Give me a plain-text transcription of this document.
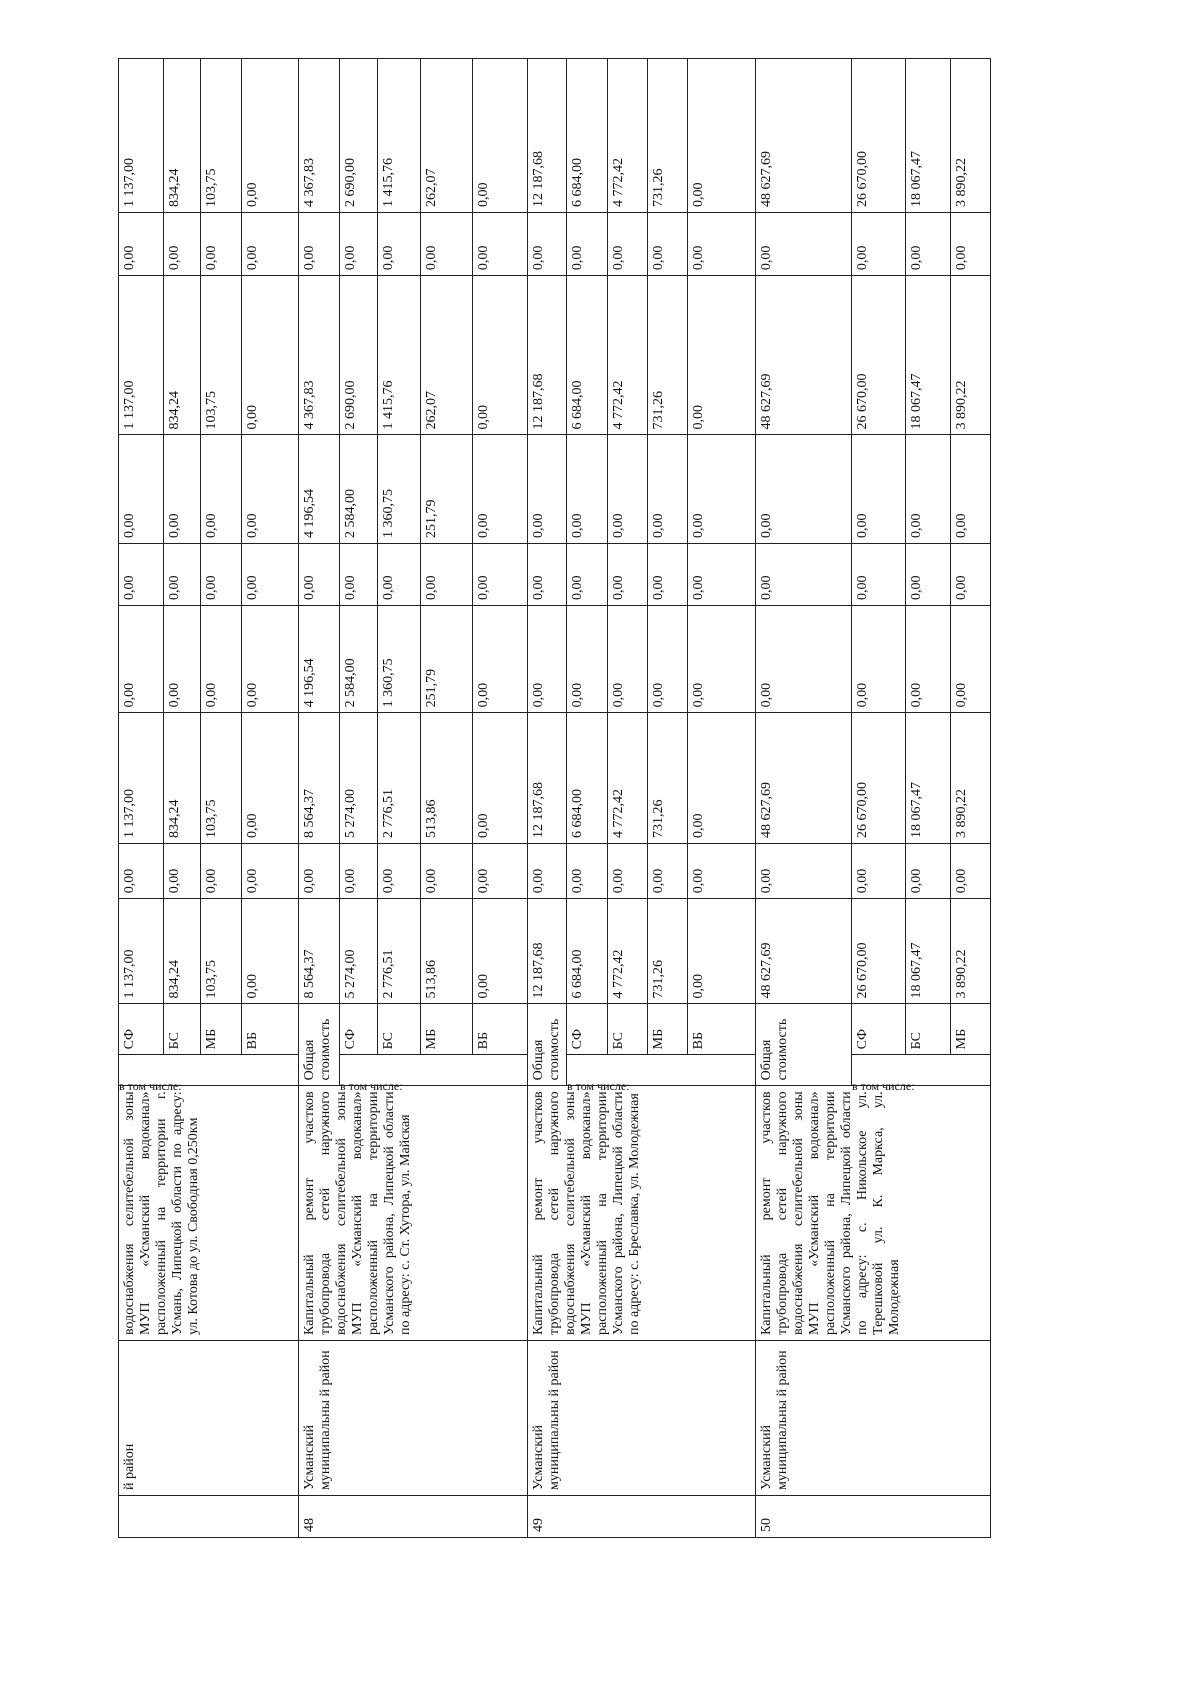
	й район	водоснабжения селитебельной зоны МУП «Усманский водоканал» расположенный на территории г. Усмань, Липецкой области по адресу: ул. Котова до ул. Свободная 0,250км	в том числе:	СФ	1 137,00	0,00	1 137,00	0,00	0,00	0,00	1 137,00	0,00	1 137,00
				БС	834,24	0,00	834,24	0,00	0,00	0,00	834,24	0,00	834,24
				МБ	103,75	0,00	103,75	0,00	0,00	0,00	103,75	0,00	103,75
				ВБ	0,00	0,00	0,00	0,00	0,00	0,00	0,00	0,00	0,00
48	Усманский муниципальны й район	Капитальный ремонт участков трубопровода сетей наружного водоснабжения селитебельной зоны МУП «Усманский водоканал» расположенный на территории Усманского района, Липецкой области по адресу: с. Ст. Хутора, ул. Майская	Общая стоимость		8 564,37	0,00	8 564,37	4 196,54	0,00	4 196,54	4 367,83	0,00	4 367,83

			в том числе:	СФ	5 274,00	0,00	5 274,00	2 584,00	0,00	2 584,00	2 690,00	0,00	2 690,00
				БС	2 776,51	0,00	2 776,51	1 360,75	0,00	1 360,75	1 415,76	0,00	1 415,76
				МБ	513,86	0,00	513,86	251,79	0,00	251,79	262,07	0,00	262,07
				ВБ	0,00	0,00	0,00	0,00	0,00	0,00	0,00	0,00	0,00
49	Усманский муниципальны й район	Капитальный ремонт участков трубопровода сетей наружного водоснабжения селитебельной зоны МУП «Усманский водоканал» расположенный на территории Усманского района, Липецкой области по адресу: с. Бреславка, ул. Молодежная	Общая стоимость		12 187,68	0,00	12 187,68	0,00	0,00	0,00	12 187,68	0,00	12 187,68

			в том числе:	СФ	6 684,00	0,00	6 684,00	0,00	0,00	0,00	6 684,00	0,00	6 684,00
				БС	4 772,42	0,00	4 772,42	0,00	0,00	0,00	4 772,42	0,00	4 772,42
				МБ	731,26	0,00	731,26	0,00	0,00	0,00	731,26	0,00	731,26
				ВБ	0,00	0,00	0,00	0,00	0,00	0,00	0,00	0,00	0,00
50	Усманский муниципальны й район	Капитальный ремонт участков трубопровода сетей наружного водоснабжения селитебельной зоны МУП «Усманский водоканал» расположенный на территории Усманского района, Липецкой области по адресу: с. Никольское ул. Терешковой ул. К. Маркса, ул. Молодежная	Общая стоимость		48 627,69	0,00	48 627,69	0,00	0,00	0,00	48 627,69	0,00	48 627,69

			в том числе:	СФ	26 670,00	0,00	26 670,00	0,00	0,00	0,00	26 670,00	0,00	26 670,00
				БС	18 067,47	0,00	18 067,47	0,00	0,00	0,00	18 067,47	0,00	18 067,47
				МБ	3 890,22	0,00	3 890,22	0,00	0,00	0,00	3 890,22	0,00	3 890,22
